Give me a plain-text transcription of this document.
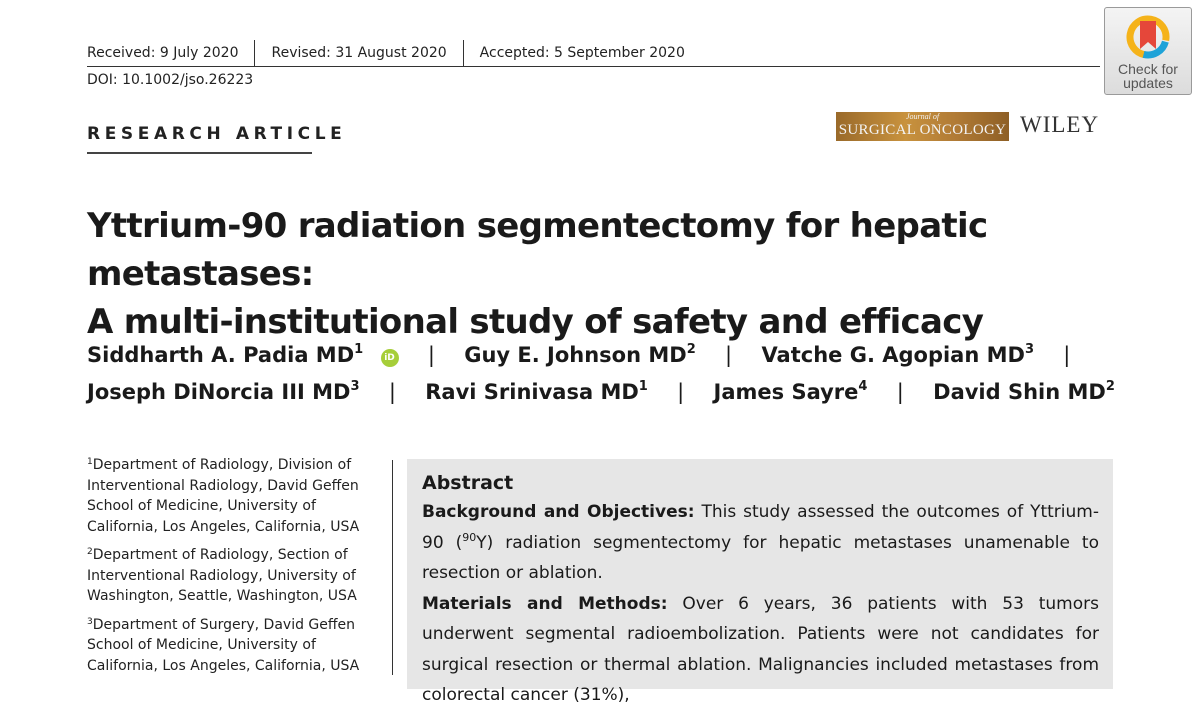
Received: 9 July 2020 Revised: 31 August 2020 Accepted: 5 September 2020
DOI: 10.1002/jso.26223
RESEARCH ARTICLE
Check for
updates
Journal of
SURGICAL ONCOLOGY WILEY
Yttrium-90 radiation segmentectomy for hepatic metastases:
A multi-institutional study of safety and efficacy
Siddharth A. Padia $MD^1$ iD | Guy E. Johnson $MD^2$ | Vatche G. Agopian $MD^3$ |
Joseph DiNorcia III $MD^3$ | Ravi Srinivasa $MD^1$ | James Sayre$^4$ | David Shin $MD^2$

$^1$Department of Radiology, Division of Interventional Radiology, David Geffen School of Medicine, University of California, Los Angeles, California, USA

$^2$Department of Radiology, Section of Interventional Radiology, University of Washington, Seattle, Washington, USA

$^3$Department of Surgery, David Geffen School of Medicine, University of California, Los Angeles, California, USA

Abstract

Background and Objectives: This study assessed the outcomes of Yttrium-90 ($^{90}$Y) radiation segmentectomy for hepatic metastases unamenable to resection or ablation.

Materials and Methods: Over 6 years, 36 patients with 53 tumors underwent segmental radioembolization. Patients were not candidates for surgical resection or thermal ablation. Malignancies included metastases from colorectal cancer (31%),
